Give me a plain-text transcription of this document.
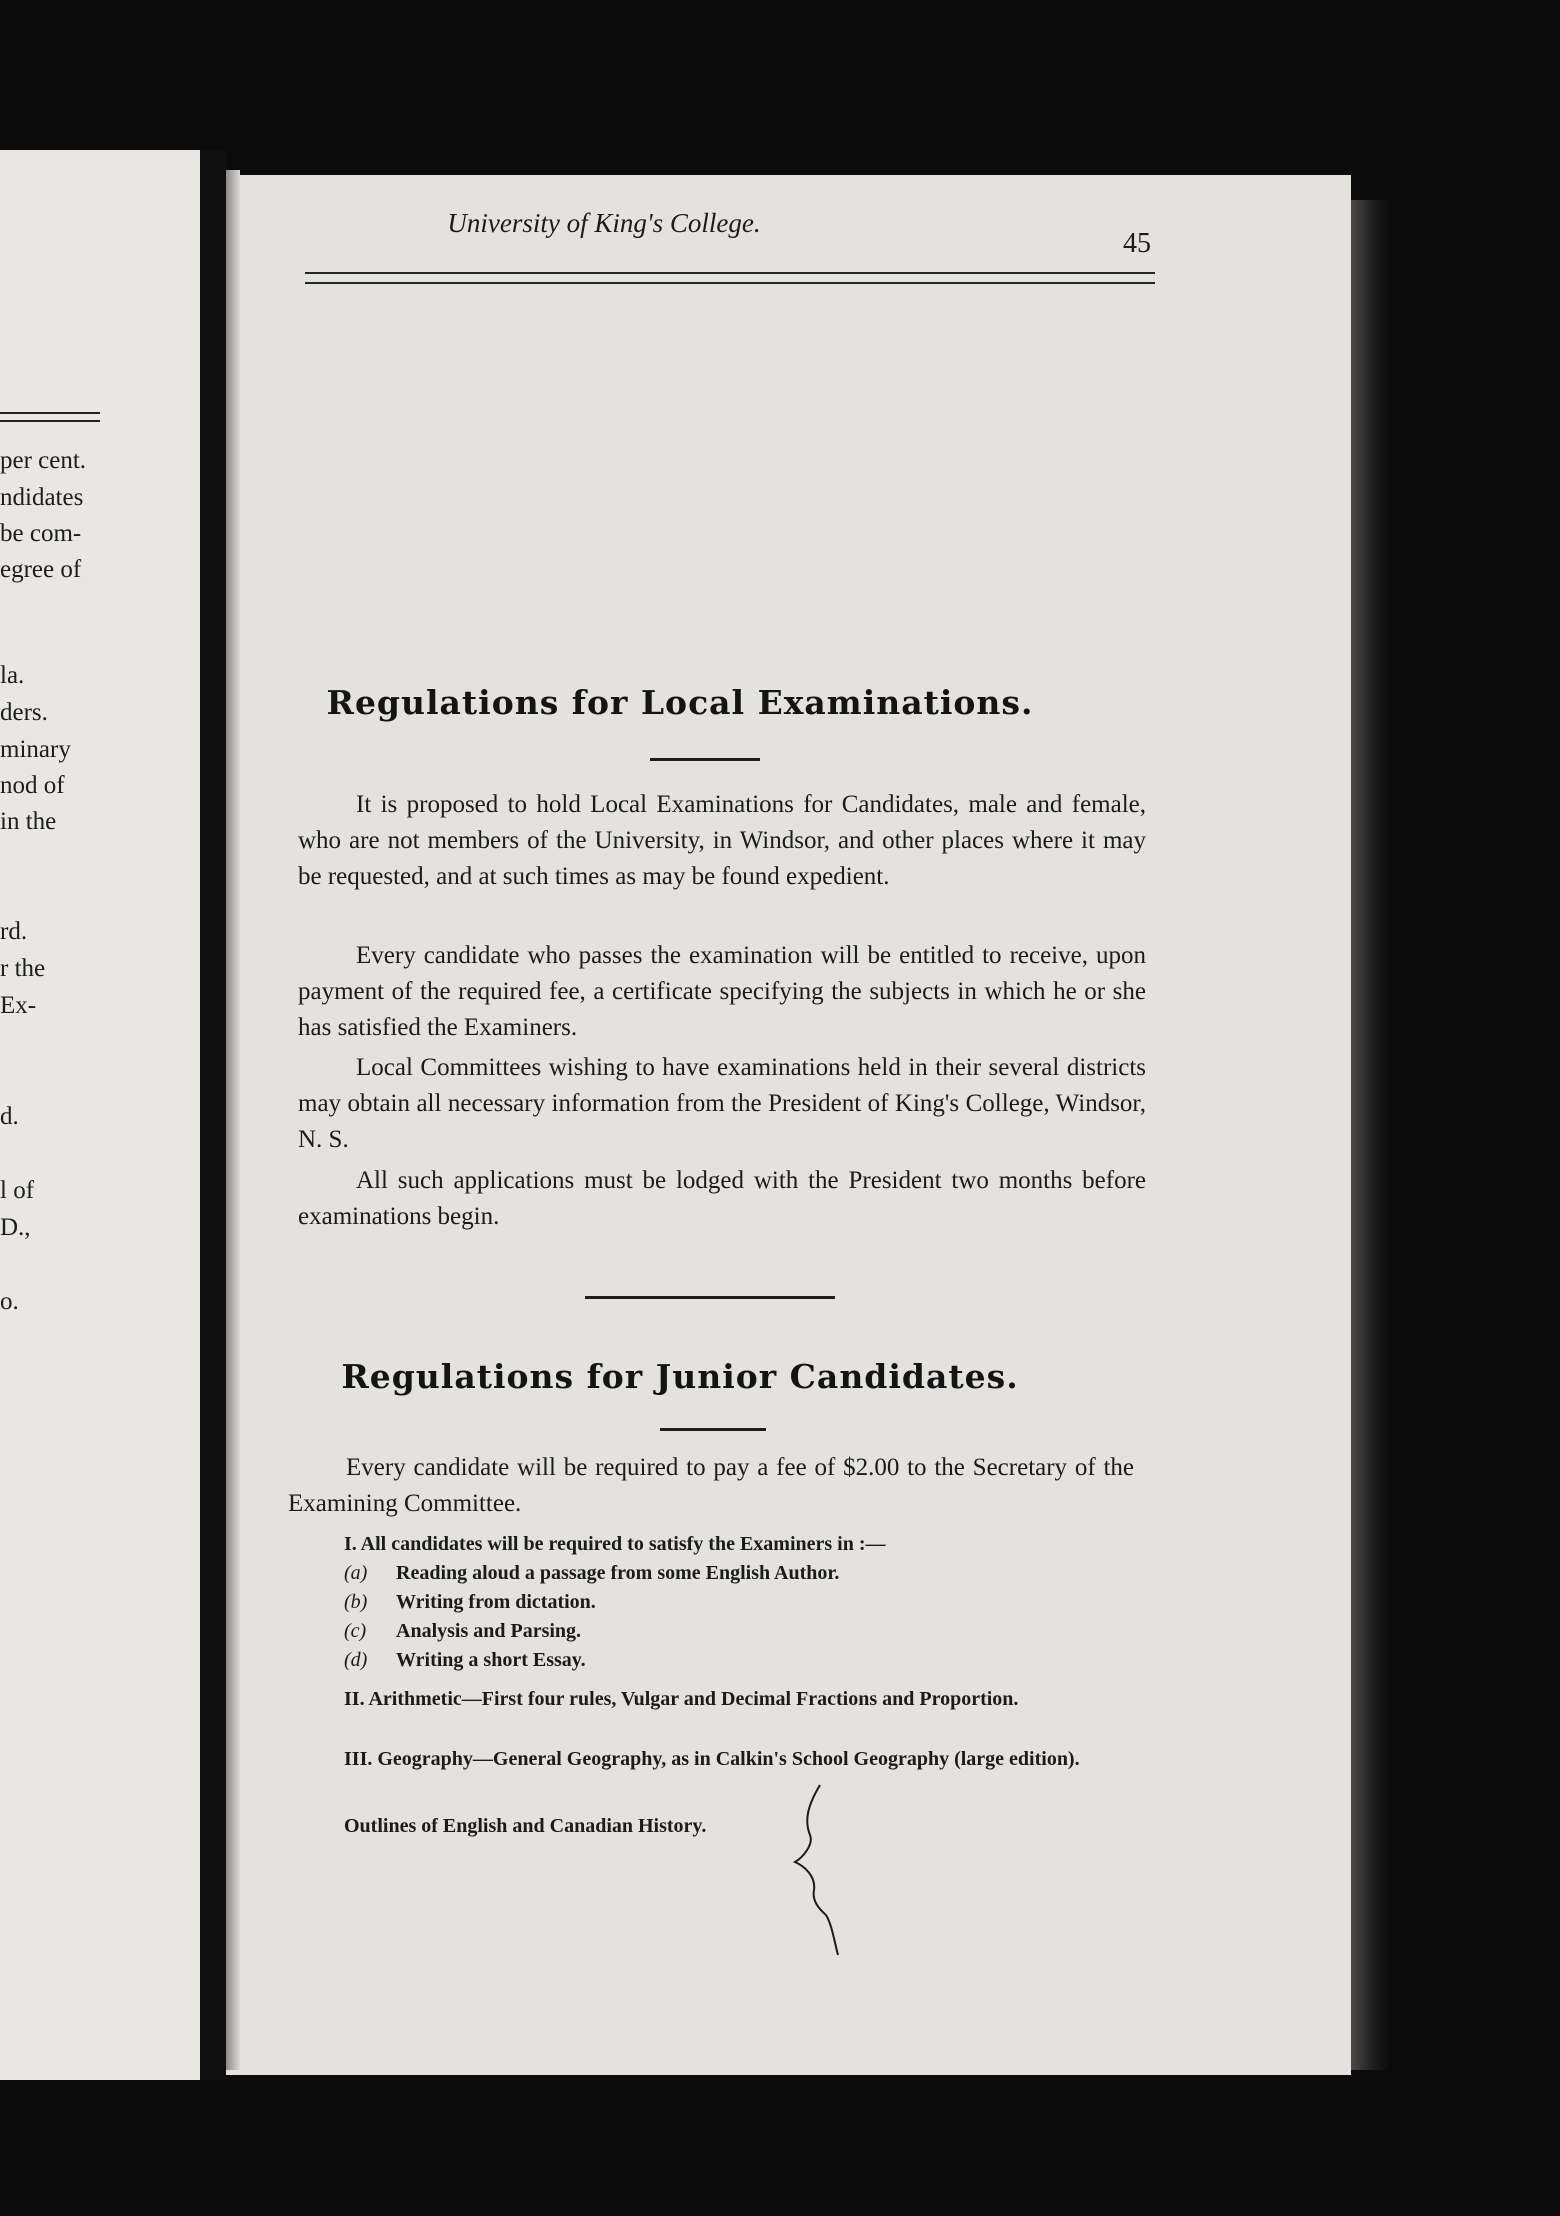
per cent.
ndidates
be com-
egree of
la.
ders.
minary
nod of
in the
rd.
r the
Ex-
d.
l of
D.,
o.
University of King's College.
45
Regulations for Local Examinations.

It is proposed to hold Local Examinations for Candidates, male and female, who are not members of the University, in Windsor, and other places where it may be requested, and at such times as may be found expedient.

Every candidate who passes the examination will be entitled to receive, upon payment of the required fee, a certificate specifying the subjects in which he or she has satisfied the Examiners.

Local Committees wishing to have examinations held in their several districts may obtain all necessary information from the President of King's College, Windsor, N. S.

All such applications must be lodged with the President two months before examinations begin.

Regulations for Junior Candidates.

Every candidate will be required to pay a fee of $2.00 to the Secretary of the Examining Committee.

I. All candidates will be required to satisfy the Examiners in :—

(a) Reading aloud a passage from some English Author.
(b) Writing from dictation.
(c) Analysis and Parsing.
(d) Writing a short Essay.

II. Arithmetic—First four rules, Vulgar and Decimal Fractions and Proportion.

III. Geography—General Geography, as in Calkin's School Geography (large edition).

Outlines of English and Canadian History.
